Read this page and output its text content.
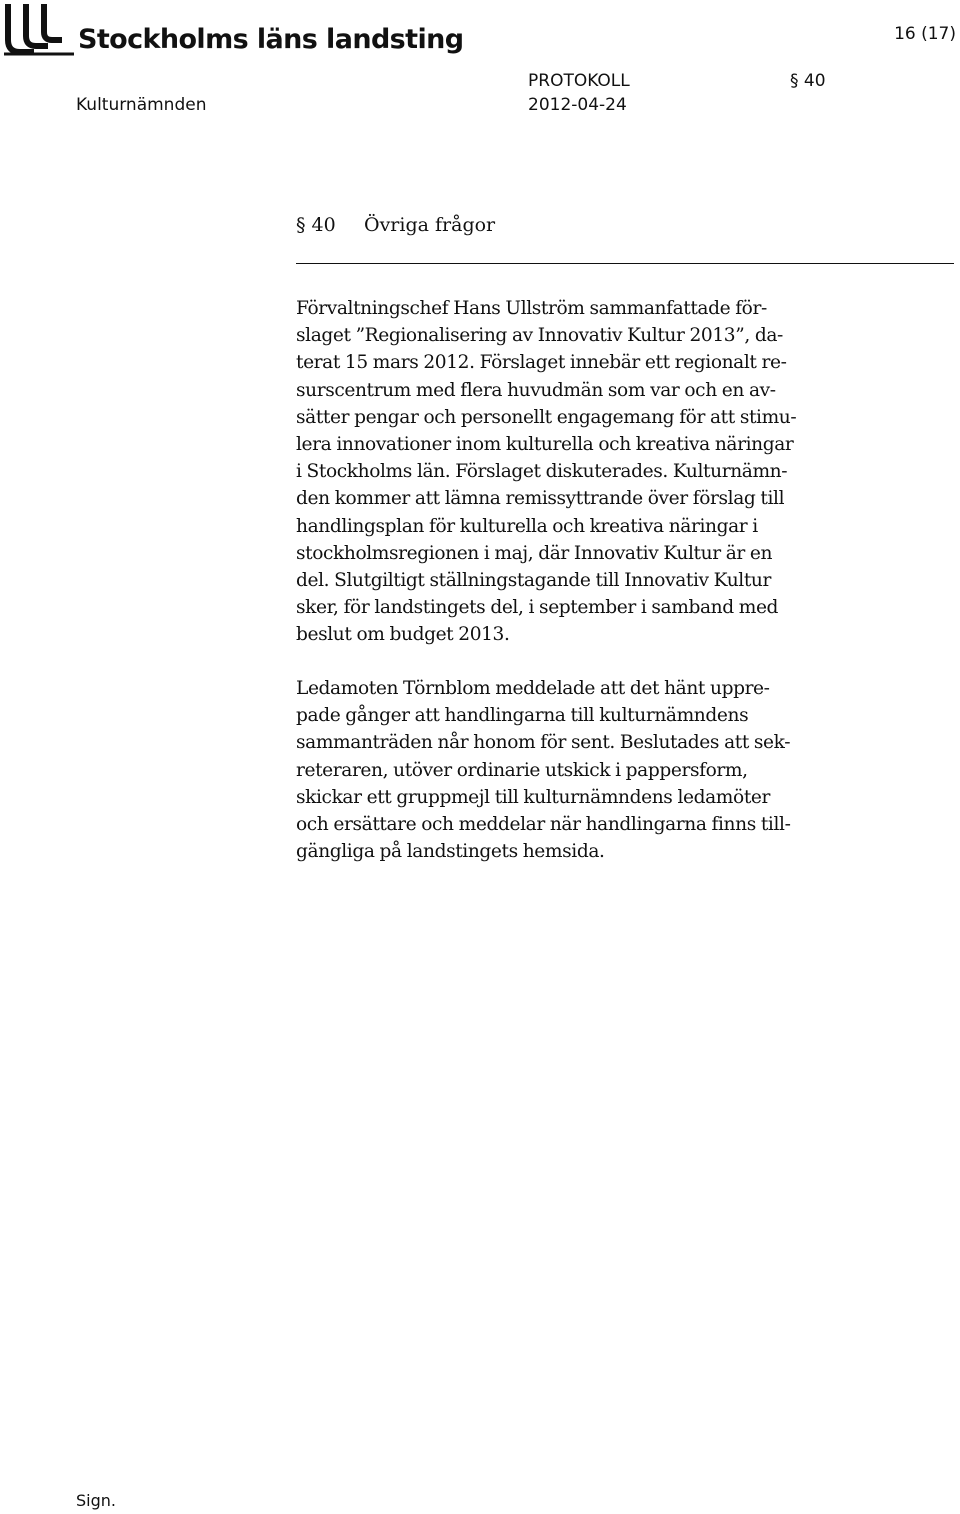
Stockholms läns landsting	16 (17)
Kulturnämnden
PROTOKOLL
2012-04-24
§ 40
§ 40 Övriga frågor
Förvaltningschef Hans Ullström sammanfattade för-
slaget ”Regionalisering av Innovativ Kultur 2013”, da-
terat 15 mars 2012. Förslaget innebär ett regionalt re-
surscentrum med flera huvudmän som var och en av-
sätter pengar och personellt engagemang för att stimu-
lera innovationer inom kulturella och kreativa näringar
i Stockholms län. Förslaget diskuterades. Kulturnämn-
den kommer att lämna remissyttrande över förslag till
handlingsplan för kulturella och kreativa näringar i
stockholmsregionen i maj, där Innovativ Kultur är en
del. Slutgiltigt ställningstagande till Innovativ Kultur
sker, för landstingets del, i september i samband med
beslut om budget 2013.
Ledamoten Törnblom meddelade att det hänt uppre-
pade gånger att handlingarna till kulturnämndens
sammanträden når honom för sent. Beslutades att sek-
reteraren, utöver ordinarie utskick i pappersform,
skickar ett gruppmejl till kulturnämndens ledamöter
och ersättare och meddelar när handlingarna finns till-
gängliga på landstingets hemsida.
Sign.
